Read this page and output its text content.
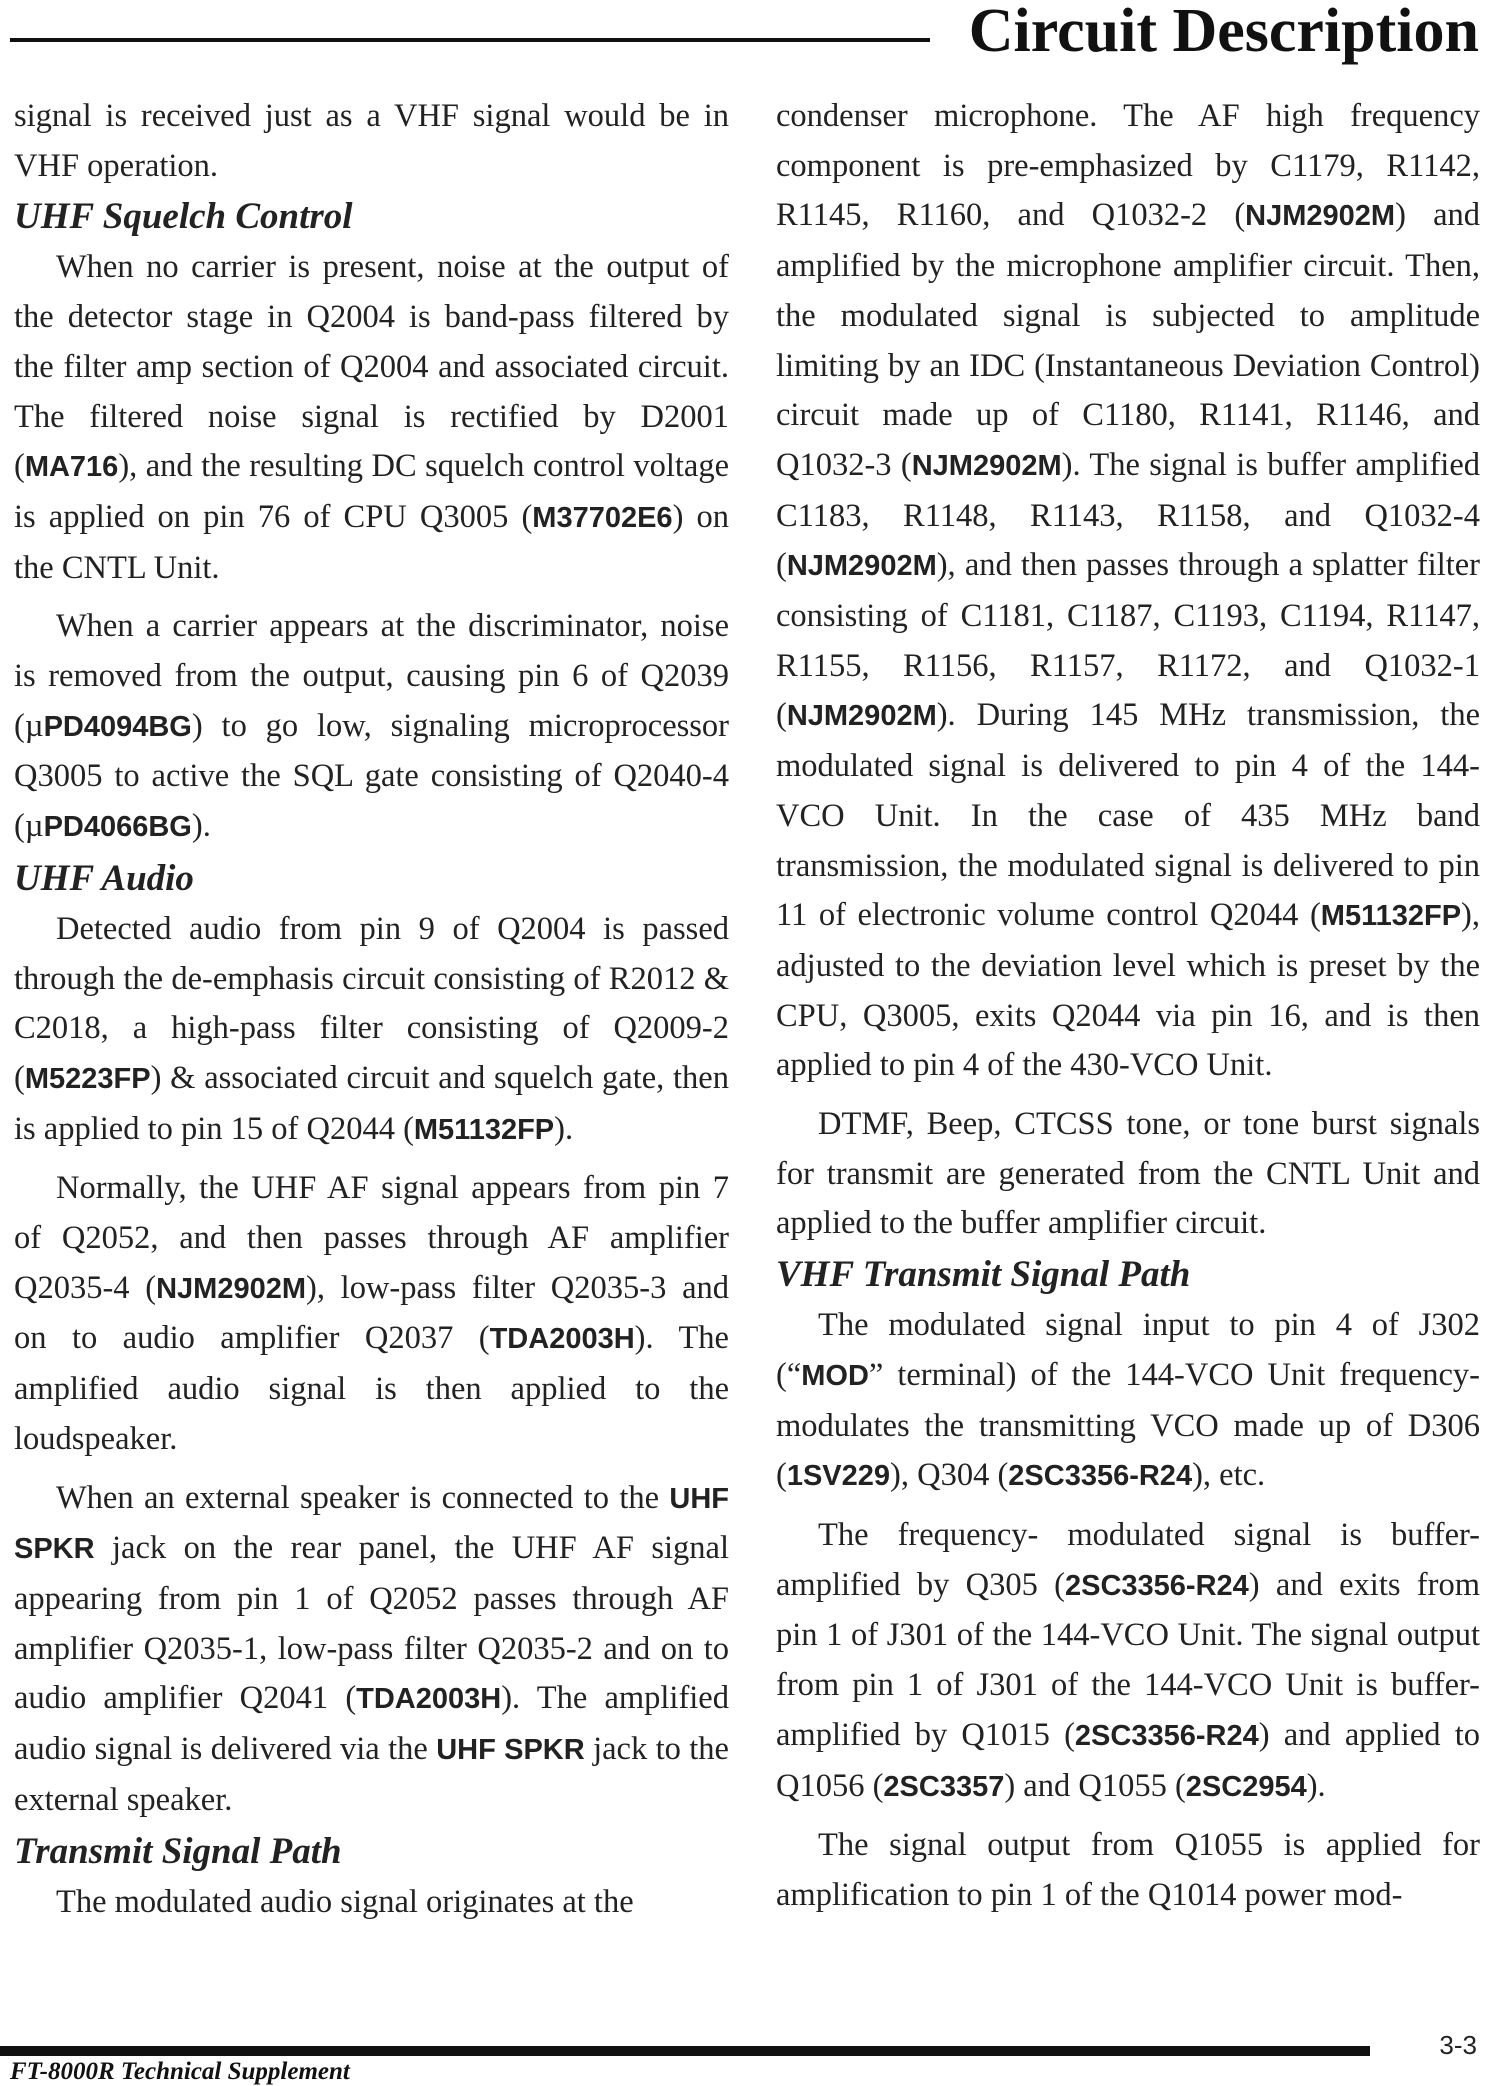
Circuit Description

signal is received just as a VHF signal would be in VHF operation.

UHF Squelch Control

When no carrier is present, noise at the output of the detector stage in Q2004 is band-pass filtered by the filter amp section of Q2004 and associated circuit. The filtered noise signal is rectified by D2001 (MA716), and the resulting DC squelch control voltage is applied on pin 76 of CPU Q3005 (M37702E6) on the CNTL Unit.

When a carrier appears at the discriminator, noise is removed from the output, causing pin 6 of Q2039 (µPD4094BG) to go low, signaling microprocessor Q3005 to active the SQL gate consisting of Q2040-4 (µPD4066BG).

UHF Audio

Detected audio from pin 9 of Q2004 is passed through the de-emphasis circuit consisting of R2012 & C2018, a high-pass filter consisting of Q2009-2 (M5223FP) & associated circuit and squelch gate, then is applied to pin 15 of Q2044 (M51132FP).

Normally, the UHF AF signal appears from pin 7 of Q2052, and then passes through AF amplifier Q2035-4 (NJM2902M), low-pass filter Q2035-3 and on to audio amplifier Q2037 (TDA2003H). The amplified audio signal is then applied to the loudspeaker.

When an external speaker is connected to the UHF SPKR jack on the rear panel, the UHF AF signal appearing from pin 1 of Q2052 passes through AF amplifier Q2035-1, low-pass filter Q2035-2 and on to audio amplifier Q2041 (TDA2003H). The amplified audio signal is delivered via the UHF SPKR jack to the external speaker.

Transmit Signal Path

The modulated audio signal originates at the

condenser microphone. The AF high frequency component is pre-emphasized by C1179, R1142, R1145, R1160, and Q1032-2 (NJM2902M) and amplified by the microphone amplifier circuit. Then, the modulated signal is subjected to amplitude limiting by an IDC (Instantaneous Deviation Control) circuit made up of C1180, R1141, R1146, and Q1032-3 (NJM2902M). The signal is buffer amplified C1183, R1148, R1143, R1158, and Q1032-4 (NJM2902M), and then passes through a splatter filter consisting of C1181, C1187, C1193, C1194, R1147, R1155, R1156, R1157, R1172, and Q1032-1 (NJM2902M). During 145 MHz transmission, the modulated signal is delivered to pin 4 of the 144-VCO Unit. In the case of 435 MHz band transmission, the modulated signal is delivered to pin 11 of electronic volume control Q2044 (M51132FP), adjusted to the deviation level which is preset by the CPU, Q3005, exits Q2044 via pin 16, and is then applied to pin 4 of the 430-VCO Unit.

DTMF, Beep, CTCSS tone, or tone burst signals for transmit are generated from the CNTL Unit and applied to the buffer amplifier circuit.

VHF Transmit Signal Path

The modulated signal input to pin 4 of J302 (“MOD” terminal) of the 144-VCO Unit frequency-modulates the transmitting VCO made up of D306 (1SV229), Q304 (2SC3356-R24), etc.

The frequency- modulated signal is buffer-amplified by Q305 (2SC3356-R24) and exits from pin 1 of J301 of the 144-VCO Unit. The signal output from pin 1 of J301 of the 144-VCO Unit is buffer-amplified by Q1015 (2SC3356-R24) and applied to Q1056 (2SC3357) and Q1055 (2SC2954).

The signal output from Q1055 is applied for amplification to pin 1 of the Q1014 power mod-

FT-8000R Technical Supplement
3-3
